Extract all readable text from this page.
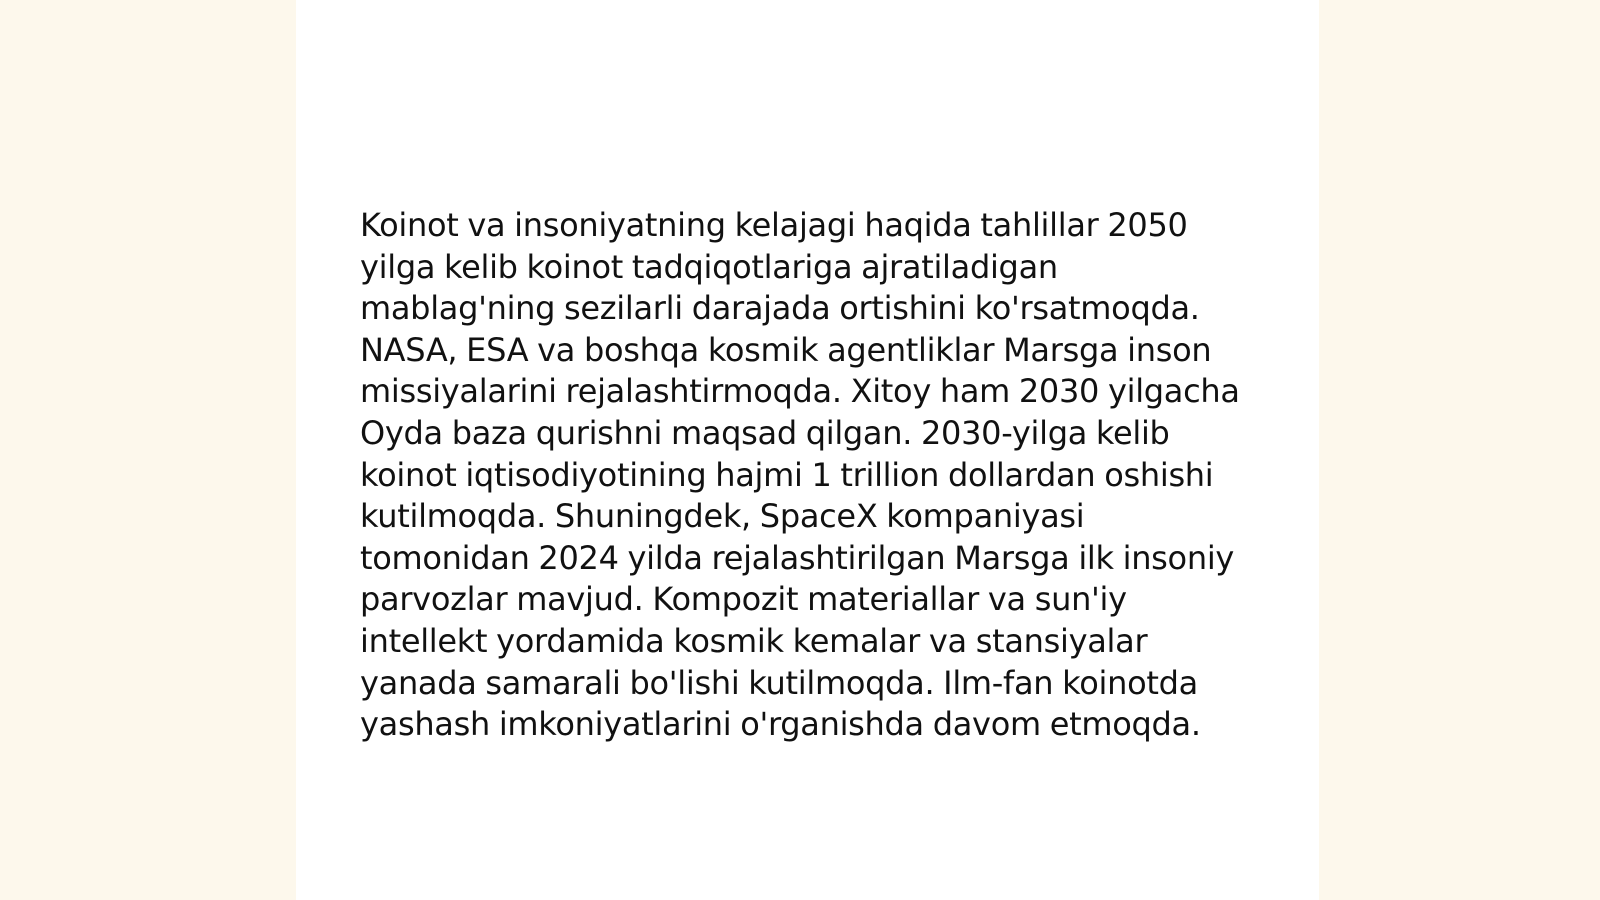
Koinot va insoniyatning kelajagi haqida tahlillar 2050 yilga kelib koinot tadqiqotlariga ajratiladigan mablag'ning sezilarli darajada ortishini ko'rsatmoqda. NASA, ESA va boshqa kosmik agentliklar Marsga inson missiyalarini rejalashtirmoqda. Xitoy ham 2030 yilgacha Oyda baza qurishni maqsad qilgan. 2030-yilga kelib koinot iqtisodiyotining hajmi 1 trillion dollardan oshishi kutilmoqda. Shuningdek, SpaceX kompaniyasi tomonidan 2024 yilda rejalashtirilgan Marsga ilk insoniy parvozlar mavjud. Kompozit materiallar va sun'iy intellekt yordamida kosmik kemalar va stansiyalar yanada samarali bo'lishi kutilmoqda. Ilm-fan koinotda yashash imkoniyatlarini o'rganishda davom etmoqda.
